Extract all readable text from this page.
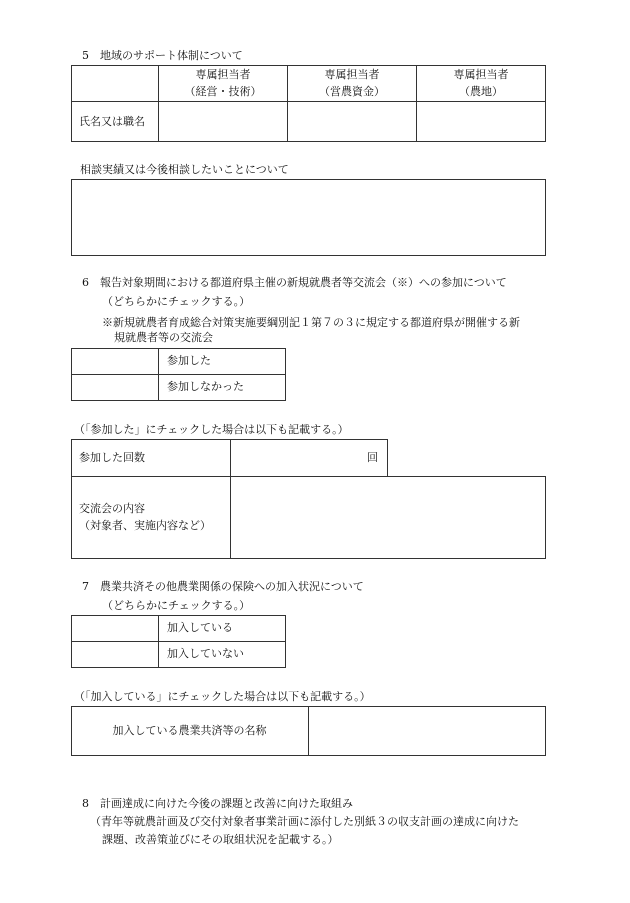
5　地域のサポート体制について
専属担当者
（経営・技術）
専属担当者
（営農資金）
専属担当者
（農地）
氏名又は職名
相談実績又は今後相談したいことについて
6　報告対象期間における都道府県主催の新規就農者等交流会（※）への参加について
（どちらかにチェックする。）
※新規就農者育成総合対策実施要綱別記１第７の３に規定する都道府県が開催する新
規就農者等の交流会
参加した
参加しなかった
（「参加した」にチェックした場合は以下も記載する。）
参加した回数	回
交流会の内容
（対象者、実施内容など）
7　農業共済その他農業関係の保険への加入状況について
（どちらかにチェックする。）
加入している
加入していない
（「加入している」にチェックした場合は以下も記載する。）
加入している農業共済等の名称
8　計画達成に向けた今後の課題と改善に向けた取組み
（青年等就農計画及び交付対象者事業計画に添付した別紙３の収支計画の達成に向けた
課題、改善策並びにその取組状況を記載する。）
